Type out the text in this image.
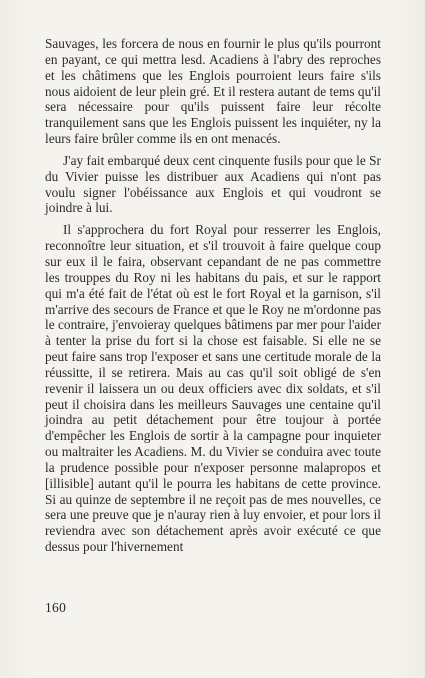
Sauvages, les forcera de nous en fournir le plus qu'ils pourront en payant, ce qui mettra lesd. Acadiens à l'abry des reproches et les châtimens que les Englois pourroient leurs faire s'ils nous aidoient de leur plein gré. Et il restera autant de tems qu'il sera nécessaire pour qu'ils puissent faire leur récolte tranquilement sans que les Englois puissent les inquiéter, ny la leurs faire brûler comme ils en ont menacés.

J'ay fait embarqué deux cent cinquente fusils pour que le Sr du Vivier puisse les distribuer aux Acadiens qui n'ont pas voulu signer l'obéissance aux Englois et qui voudront se joindre à lui.

Il s'approchera du fort Royal pour resserrer les Englois, reconnoître leur situation, et s'il trouvoit à faire quelque coup sur eux il le faira, observant cepandant de ne pas commettre les trouppes du Roy ni les habitans du pais, et sur le rapport qui m'a été fait de l'état où est le fort Royal et la garnison, s'il m'arrive des secours de France et que le Roy ne m'ordonne pas le contraire, j'envoieray quelques bâtimens par mer pour l'aider à tenter la prise du fort si la chose est faisable. Si elle ne se peut faire sans trop l'exposer et sans une certitude morale de la réussitte, il se retirera. Mais au cas qu'il soit obligé de s'en revenir il laissera un ou deux officiers avec dix soldats, et s'il peut il choisira dans les meilleurs Sauvages une centaine qu'il joindra au petit détachement pour être toujour à portée d'empêcher les Englois de sortir à la campagne pour inquieter ou maltraiter les Acadiens. M. du Vivier se conduira avec toute la prudence possible pour n'exposer personne malapropos et [illisible] autant qu'il le pourra les habitans de cette province. Si au quinze de septembre il ne reçoit pas de mes nouvelles, ce sera une preuve que je n'auray rien à luy envoier, et pour lors il reviendra avec son détachement après avoir exécuté ce que dessus pour l'hivernement

160
